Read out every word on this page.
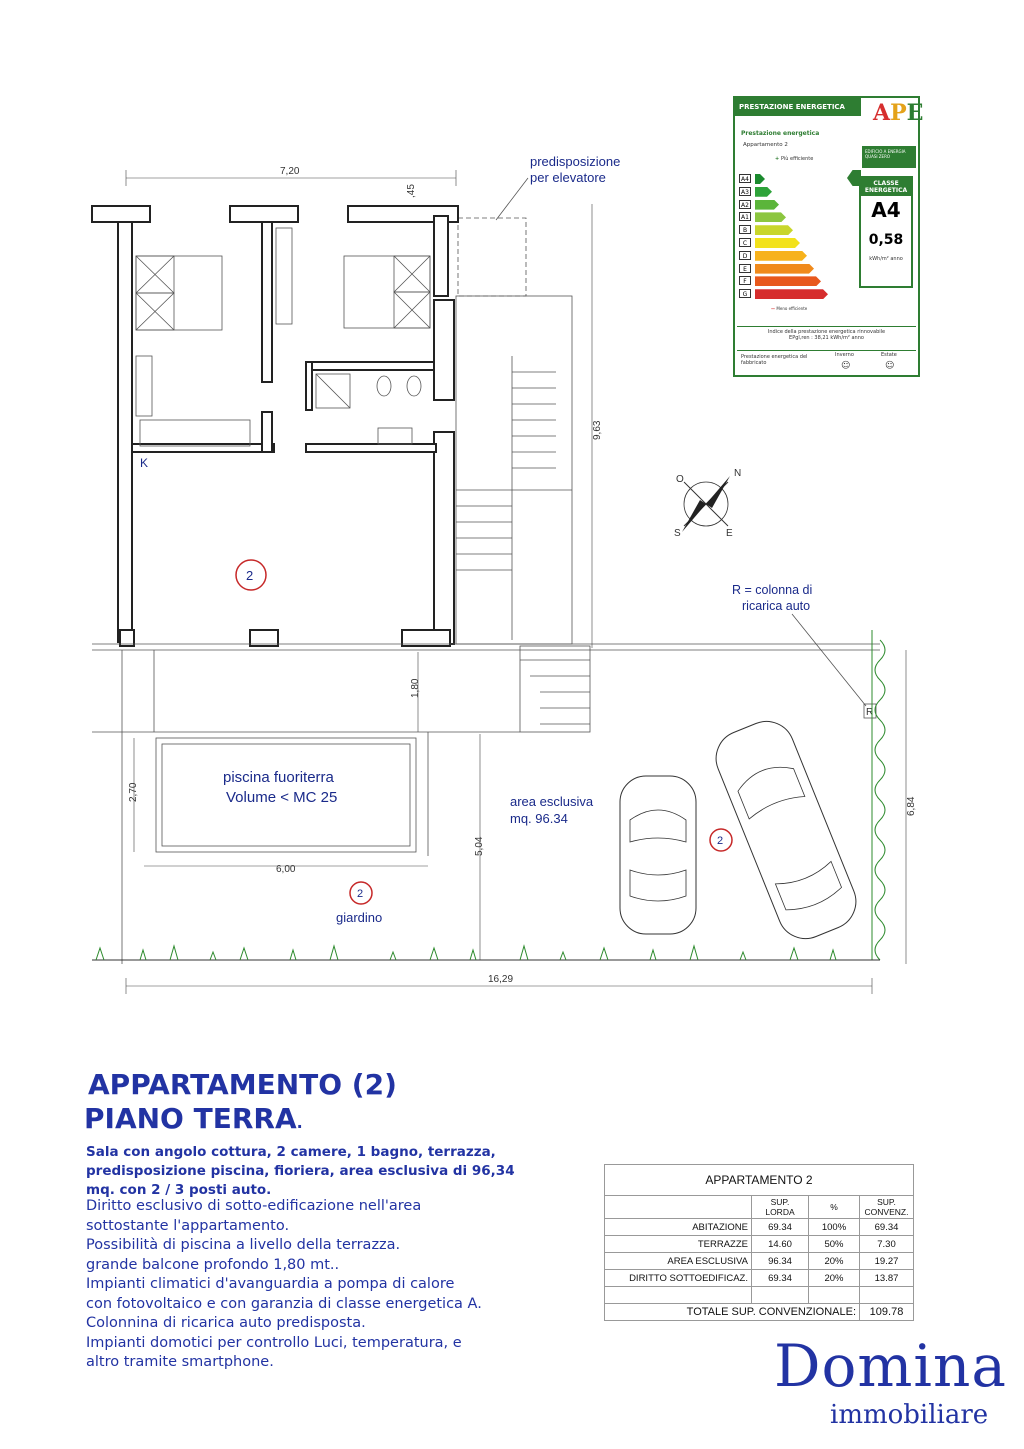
7,20
,45
predisposizione
per elevatore
K
2
9,63
N
E
S
O
R = colonna di
ricarica auto
R
1,80
2,70
5,04
6,00
6,84
piscina fuoriterra
Volume < MC 25	area esclusiva
mq. 96.34
2
2
giardino
16,29
PRESTAZIONE ENERGETICA	APE
Prestazione energetica
Appartamento 2
+ Più efficiente
EDIFICIO A ENERGIA QUASI ZERO
A4
A3
A2
A1
B
C
D
E
F
G
CLASSE ENERGETICA
A4
0,58
kWh/m² anno
— Meno efficiente
Indice della prestazione energetica rinnovabile
EPgl,ren : 38,21 kWh/m² anno
Prestazione energetica del fabbricato
Inverno	Estate
☺	☺
APPARTAMENTO (2)
PIANO TERRA.
Sala con angolo cottura, 2 camere, 1 bagno, terrazza, predisposizione piscina, fioriera, area esclusiva di 96,34 mq. con 2 / 3 posti auto.
Diritto esclusivo di sotto-edificazione nell'area
sottostante l'appartamento.
Possibilità di piscina a livello della terrazza.
grande balcone profondo 1,80 mt..
Impianti climatici d'avanguardia a pompa di calore
con fotovoltaico e con garanzia di classe energetica A.
Colonnina di ricarica auto predisposta.
Impianti domotici per controllo Luci, temperatura, e
altro tramite smartphone.
APPARTAMENTO 2			
	SUP. LORDA	%	SUP. CONVENZ.
ABITAZIONE	69.34	100%	69.34
TERRAZZE	14.60	50%	7.30
AREA ESCLUSIVA	96.34	20%	19.27
DIRITTO SOTTOEDIFICAZ.	69.34	20%	13.87

TOTALE SUP. CONVENZIONALE:			109.78
Domina
immobiliare
